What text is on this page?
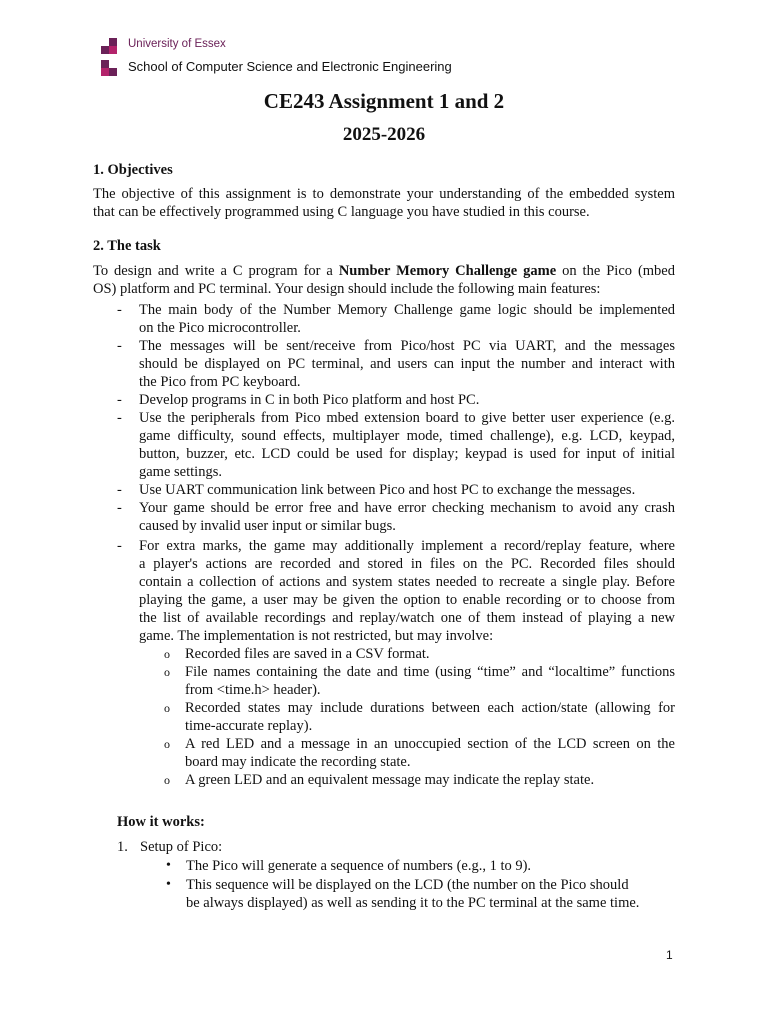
University of Essex
School of Computer Science and Electronic Engineering
CE243 Assignment 1 and 2
2025-2026
1. Objectives
The objective of this assignment is to demonstrate your understanding of the embedded system
that can be effectively programmed using C language you have studied in this course.
2. The task
To design and write a C program for a Number Memory Challenge game on the Pico (mbed
OS) platform and PC terminal. Your design should include the following main features:
- The main body of the Number Memory Challenge game logic should be implemented
on the Pico microcontroller.
- The messages will be sent/receive from Pico/host PC via UART, and the messages
should be displayed on PC terminal, and users can input the number and interact with
the Pico from PC keyboard.
- Develop programs in C in both Pico platform and host PC.
- Use the peripherals from Pico mbed extension board to give better user experience (e.g.
game difficulty, sound effects, multiplayer mode, timed challenge), e.g. LCD, keypad,
button, buzzer, etc. LCD could be used for display; keypad is used for input of initial
game settings.
- Use UART communication link between Pico and host PC to exchange the messages.
- Your game should be error free and have error checking mechanism to avoid any crash
caused by invalid user input or similar bugs.
- For extra marks, the game may additionally implement a record/replay feature, where
a player's actions are recorded and stored in files on the PC. Recorded files should
contain a collection of actions and system states needed to recreate a single play. Before
playing the game, a user may be given the option to enable recording or to choose from
the list of available recordings and replay/watch one of them instead of playing a new
game. The implementation is not restricted, but may involve:
o Recorded files are saved in a CSV format.
o File names containing the date and time (using “time” and “localtime” functions
from <time.h> header).
o Recorded states may include durations between each action/state (allowing for
time-accurate replay).
o A red LED and a message in an unoccupied section of the LCD screen on the
board may indicate the recording state.
o A green LED and an equivalent message may indicate the replay state.
How it works:
1. Setup of Pico:
• The Pico will generate a sequence of numbers (e.g., 1 to 9).
• This sequence will be displayed on the LCD (the number on the Pico should
be always displayed) as well as sending it to the PC terminal at the same time.
1
